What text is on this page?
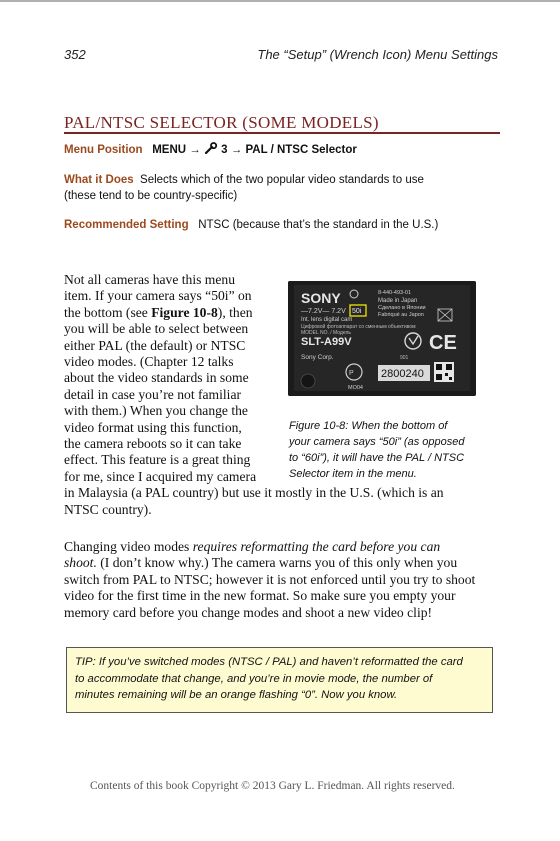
352	The “Setup” (Wrench Icon) Menu Settings
PAL/NTSC SELECTOR (SOME MODELS)
Menu Position MENU → 3 → PAL / NTSC Selector
What it Does Selects which of the two popular video standards to use
(these tend to be country-specific)
Recommended Setting NTSC (because that’s the standard in the U.S.)
Not all cameras have this menu
item. If your camera says “50i” on
the bottom (see Figure 10-8), then
you will be able to select between
either PAL (the default) or NTSC
video modes. (Chapter 12 talks
about the video standards in some
detail in case you’re not familiar
with them.) When you change the
video format using this function,
the camera reboots so it can take
effect. This feature is a great thing
for me, since I acquired my camera
in Malaysia (a PAL country) but use it mostly in the U.S. (which is an
NTSC country).
SONY
—7.2V— 7.2V 50i
8-440-493-01
Made in Japan
Сделано в Японии
Fabriqué au Japon
Int. lens digital cam
Цифровой фотоаппарат со сменным объективом
MODEL NO. / Модель
SLT-A99V
Sony Corp.	901
CE
P
MO04
2800240
Figure 10-8: When the bottom of
your camera says “50i” (as opposed
to “60i”), it will have the PAL / NTSC
Selector item in the menu.
Changing video modes requires reformatting the card before you can
shoot. (I don’t know why.) The camera warns you of this only when you
switch from PAL to NTSC; however it is not enforced until you try to shoot
video for the first time in the new format. So make sure you empty your
memory card before you change modes and shoot a new video clip!
TIP: If you’ve switched modes (NTSC / PAL) and haven’t reformatted the card
to accommodate that change, and you’re in movie mode, the number of
minutes remaining will be an orange flashing “0”. Now you know.
Contents of this book Copyright © 2013 Gary L. Friedman. All rights reserved.
